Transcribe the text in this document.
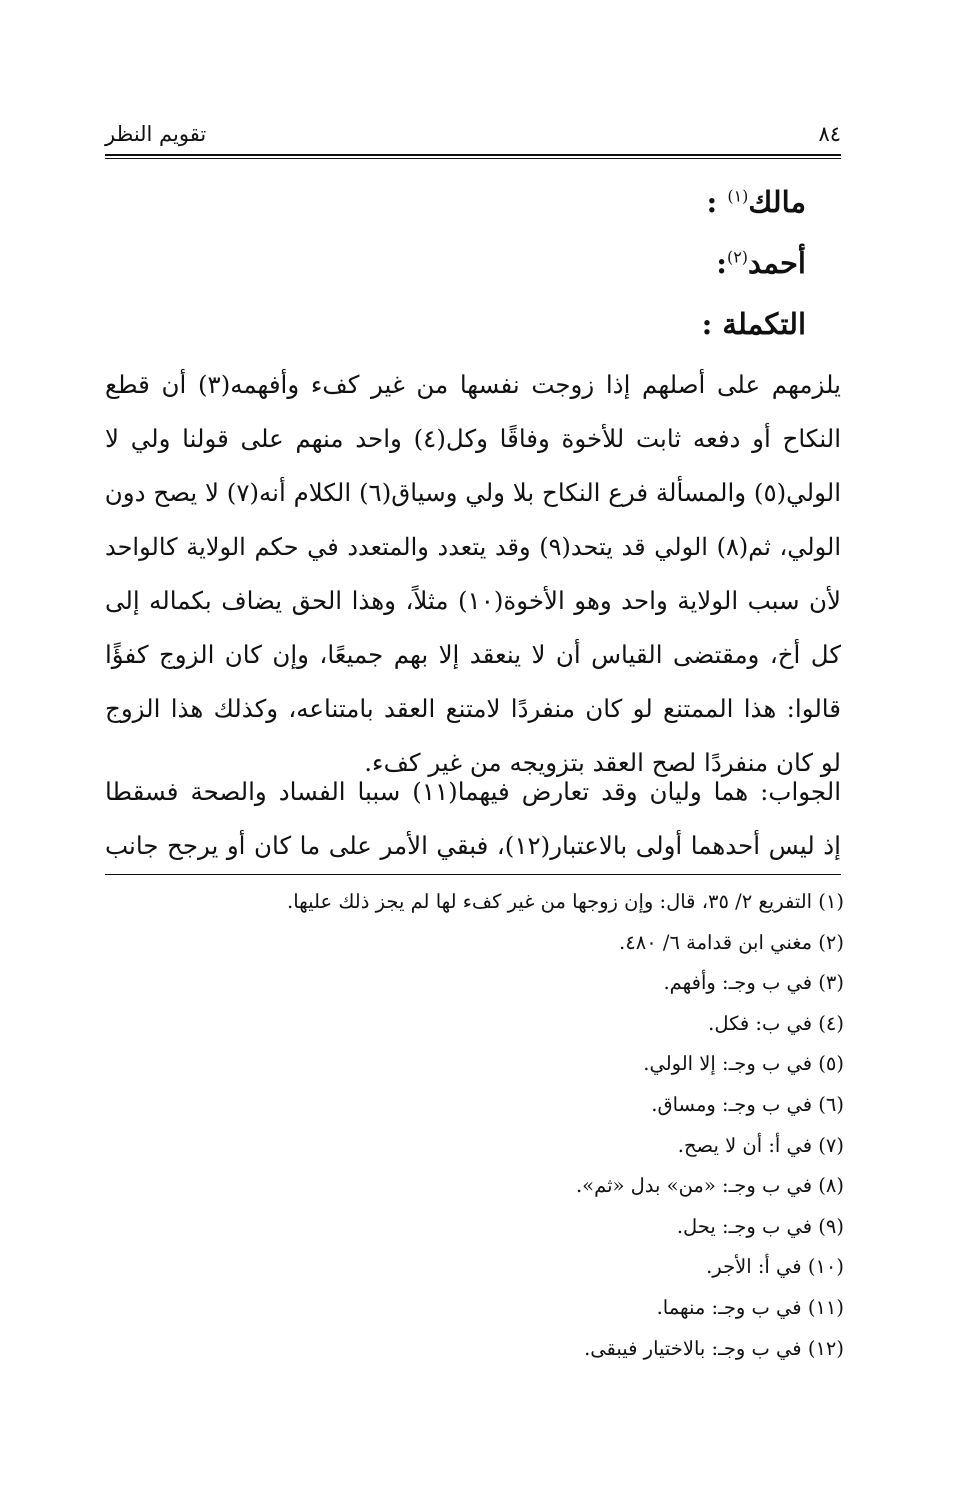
٨٤
تقويم النظر
مالك$^{(١)}$ :
أحمد$^{(٢)}$:
التكملة :
يلزمهم على أصلهم إذا زوجت نفسها من غير كفء وأفهمه(٣) أن قطع
النكاح أو دفعه ثابت للأخوة وفاقًا وكل(٤) واحد منهم على قولنا ولي لا
الولي(٥) والمسألة فرع النكاح بلا ولي وسياق(٦) الكلام أنه(٧) لا يصح دون
الولي، ثم(٨) الولي قد يتحد(٩) وقد يتعدد والمتعدد في حكم الولاية كالواحد
لأن سبب الولاية واحد وهو الأخوة(١٠) مثلاً، وهذا الحق يضاف بكماله إلى
كل أخ، ومقتضى القياس أن لا ينعقد إلا بهم جميعًا، وإن كان الزوج كفؤًا
قالوا: هذا الممتنع لو كان منفردًا لامتنع العقد بامتناعه، وكذلك هذا الزوج
لو كان منفردًا لصح العقد بتزويجه من غير كفء.
الجواب: هما وليان وقد تعارض فيهما(١١) سببا الفساد والصحة فسقطا
إذ ليس أحدهما أولى بالاعتبار(١٢)، فبقي الأمر على ما كان أو يرجح جانب
(١) التفريع ٢/ ٣٥، قال: وإن زوجها من غير كفء لها لم يجز ذلك عليها.
(٢) مغني ابن قدامة ٦/ ٤٨٠.
(٣) في ب وجـ: وأفهم.
(٤) في ب: فكل.
(٥) في ب وجـ: إلا الولي.
(٦) في ب وجـ: ومساق.
(٧) في أ: أن لا يصح.
(٨) في ب وجـ: «من» بدل «ثم».
(٩) في ب وجـ: يحل.
(١٠) في أ: الأجر.
(١١) في ب وجـ: منهما.
(١٢) في ب وجـ: بالاختيار فيبقى.
